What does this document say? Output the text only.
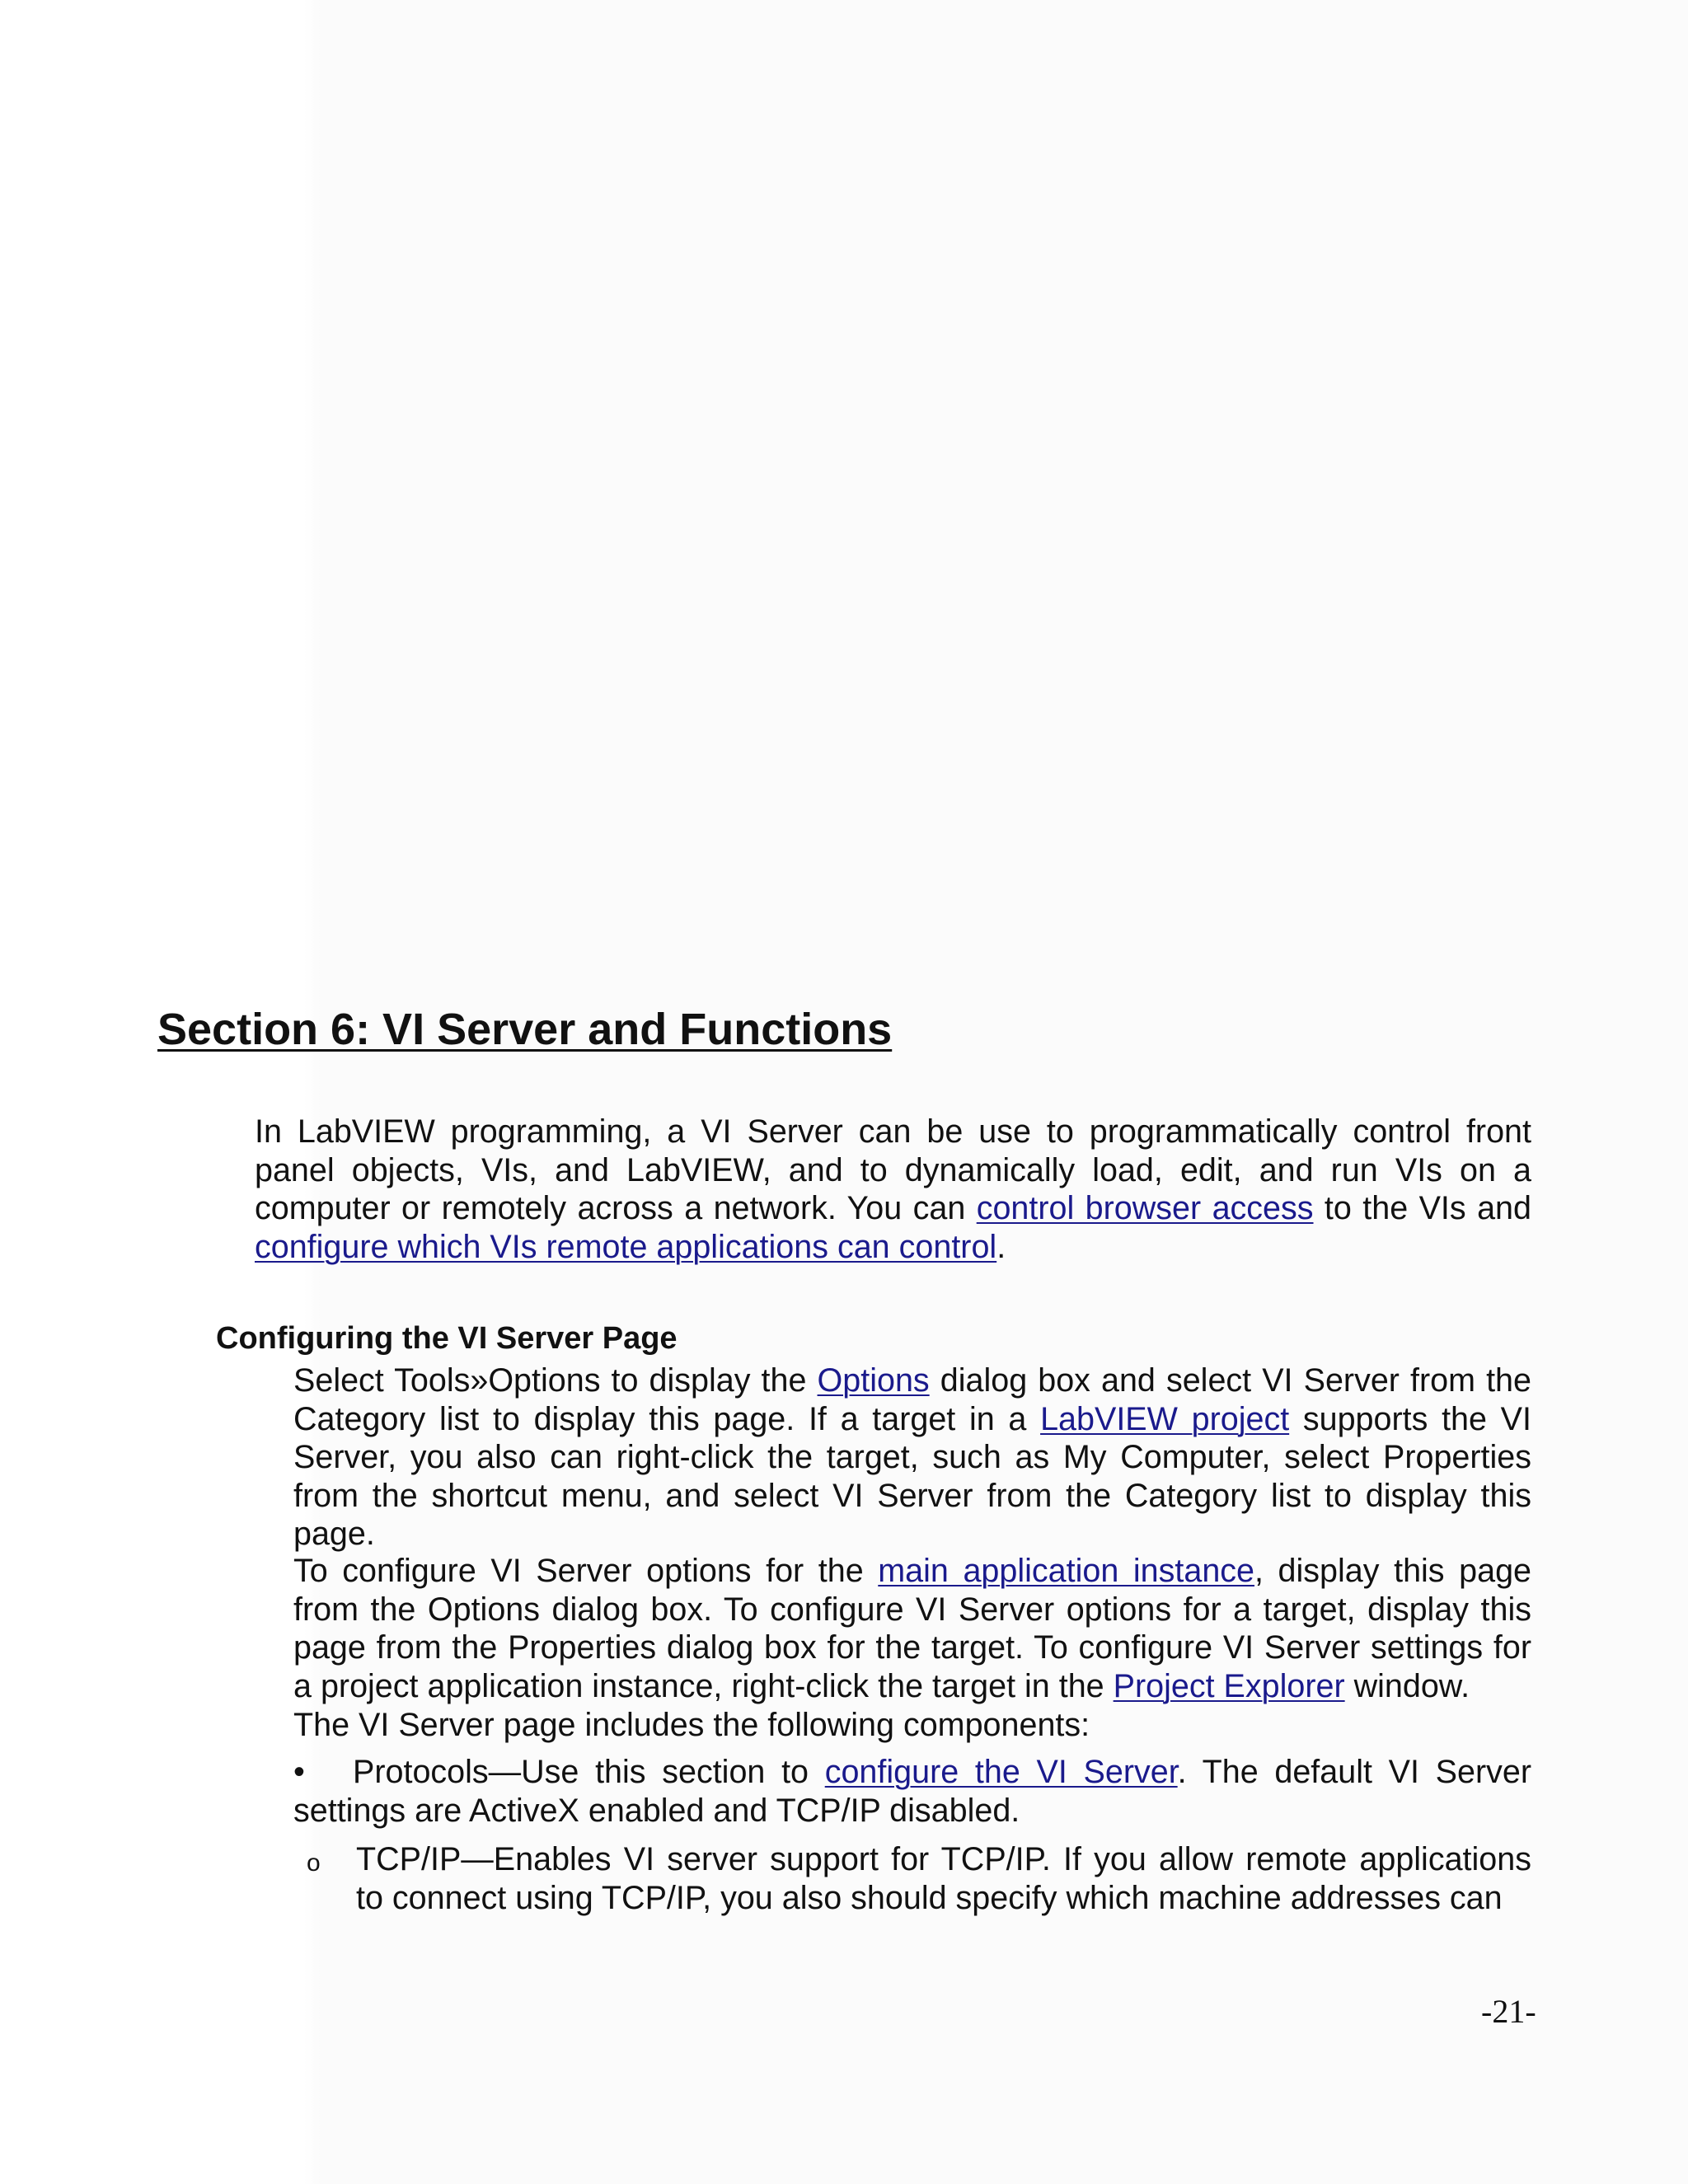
Section 6: VI Server and Functions

In LabVIEW programming, a VI Server can be use to programmatically control front panel objects, VIs, and LabVIEW, and to dynamically load, edit, and run VIs on a computer or remotely across a network. You can control browser access to the VIs and configure which VIs remote applications can control.

Configuring the VI Server Page

Select Tools»Options to display the Options dialog box and select VI Server from the Category list to display this page. If a target in a LabVIEW project supports the VI Server, you also can right-click the target, such as My Computer, select Properties from the shortcut menu, and select VI Server from the Category list to display this page.

To configure VI Server options for the main application instance, display this page from the Options dialog box. To configure VI Server options for a target, display this page from the Properties dialog box for the target. To configure VI Server settings for a project application instance, right-click the target in the Project Explorer window.

The VI Server page includes the following components:

• Protocols—Use this section to configure the VI Server. The default VI Server settings are ActiveX enabled and TCP/IP disabled.

o TCP/IP—Enables VI server support for TCP/IP. If you allow remote applications to connect using TCP/IP, you also should specify which machine addresses can

-21-
